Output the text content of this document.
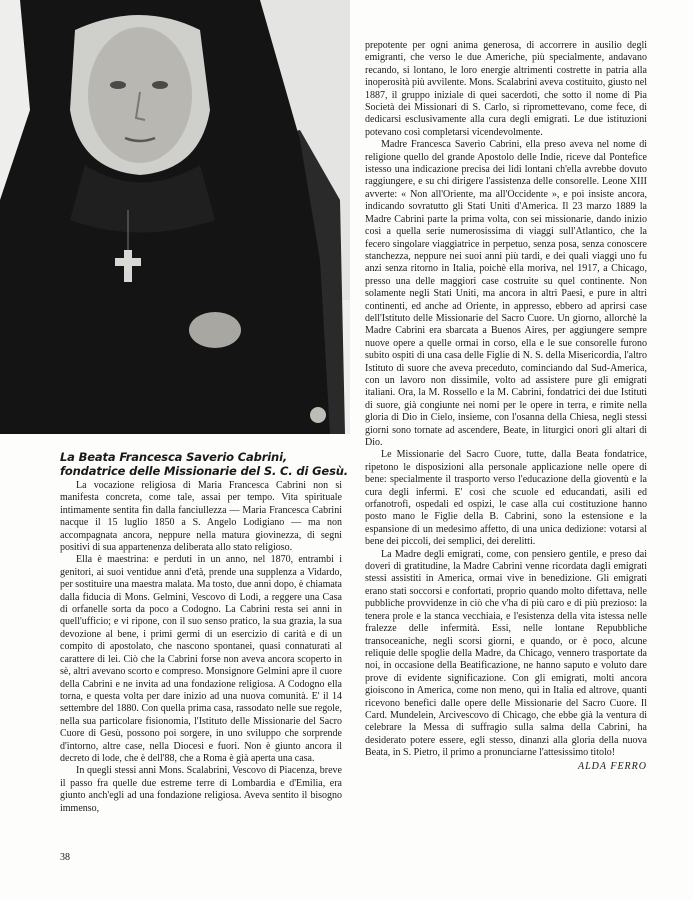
La Beata Francesca Saverio Cabrini, fondatrice delle Missionarie del S. C. di Gesù.

La vocazione religiosa di Maria Francesca Cabrini non si manifesta concreta, come tale, assai per tempo. Vita spirituale intimamente sentita fin dalla fanciullezza — Maria Francesca Cabrini nacque il 15 luglio 1850 a S. Angelo Lodigiano — ma non accompagnata ancora, neppure nella matura giovinezza, di segni positivi di sua appartenenza deliberata allo stato religioso.

Ella è maestrina: e perduti in un anno, nel 1870, entrambi i genitori, ai suoi ventidue anni d'età, prende una supplenza a Vidardo, per sostituire una maestra malata. Ma tosto, due anni dopo, è chiamata dalla fiducia di Mons. Gelmini, Vescovo di Lodi, a reggere una Casa di orfanelle sorta da poco a Codogno. La Cabrini resta sei anni in quell'ufficio; e vi ripone, con il suo senso pratico, la sua grazia, la sua devozione al bene, i primi germi di un esercizio di carità e di un compito di apostolato, che nascono spontanei, quasi connaturati al carattere di lei. Ciò che la Cabrini forse non aveva ancora scoperto in sè, altri avevano scorto e compreso. Monsignore Gelmini apre il cuore della Cabrini e ne invita ad una fondazione religiosa. A Codogno ella torna, e questa volta per dare inizio ad una nuova comunità. E' il 14 settembre del 1880. Con quella prima casa, rassodato nelle sue regole, nella sua particolare fisionomia, l'Istituto delle Missionarie del Sacro Cuore di Gesù, possono poi sorgere, in uno sviluppo che sorprende d'intorno, altre case, nella Diocesi e fuori. Non è giunto ancora il decreto di lode, che è dell'88, che a Roma è già aperta una casa.

In quegli stessi anni Mons. Scalabrini, Vescovo di Piacenza, breve il passo fra quelle due estreme terre di Lombardia e d'Emilia, era giunto anch'egli ad una fondazione religiosa. Aveva sentito il bisogno immenso,

prepotente per ogni anima generosa, di accorrere in ausilio degli emigranti, che verso le due Americhe, più specialmente, andavano recando, si lontano, le loro energie altrimenti costrette in patria alla inoperosità più avvilente. Mons. Scalabrini aveva costituito, giusto nel 1887, il gruppo iniziale di quei sacerdoti, che sotto il nome di Pia Società dei Missionari di S. Carlo, si ripromettevano, come fece, di dedicarsi esclusivamente alla cura degli emigrati. Le due istituzioni potevano così completarsi vicendevolmente.

Madre Francesca Saverio Cabrini, ella preso aveva nel nome di religione quello del grande Apostolo delle Indie, riceve dal Pontefice istesso una indicazione precisa dei lidi lontani ch'ella avrebbe dovuto raggiungere, e su chi dirigere l'assistenza delle consorelle. Leone XIII avverte: « Non all'Oriente, ma all'Occidente », e poi insiste ancora, indicando sovratutto gli Stati Uniti d'America. Il 23 marzo 1889 la Madre Cabrini parte la prima volta, con sei missionarie, dando inizio così a quella serie numerosissima di viaggi sull'Atlantico, che la fecero singolare viaggiatrice in perpetuo, senza posa, senza conoscere stanchezza, neppure nei suoi anni più tardi, e dei quali viaggi uno fu anzi senza ritorno in Italia, poichè ella moriva, nel 1917, a Chicago, presso una delle maggiori case costruite su quel continente. Non solamente negli Stati Uniti, ma ancora in altri Paesi, e pure in altri continenti, ed anche ad Oriente, in appresso, ebbero ad aprirsi case dell'Istituto delle Missionarie del Sacro Cuore. Un giorno, allorchè la Madre Cabrini era sbarcata a Buenos Aires, per aggiungere sempre nuove opere a quelle ormai in corso, ella e le sue consorelle furono subito ospiti di una casa delle Figlie di N. S. della Misericordia, l'altro Istituto di suore che aveva preceduto, cominciando dal Sud-America, con un lavoro non dissimile, volto ad assistere pure gli emigrati italiani. Ora, la M. Rossello e la M. Cabrini, fondatrici dei due Istituti di suore, già congiunte nei nomi per le opere in terra, e rimite nella gloria di Dio in Cielo, insieme, con l'osanna della Chiesa, negli stessi giorni sono tornate ad ascendere, Beate, in liturgici onori gli altari di Dio.

Le Missionarie del Sacro Cuore, tutte, dalla Beata fondatrice, ripetono le disposizioni alla personale applicazione nelle opere di bene: specialmente il trasporto verso l'educazione della gioventù e la cura degli infermi. E' così che scuole ed educandati, asili ed orfanotrofi, ospedali ed ospizi, le case alla cui costituzione hanno posto mano le Figlie della B. Cabrini, sono la estensione e la espansione di un medesimo affetto, di una unica dedizione: votarsi al bene dei piccoli, dei semplici, dei derelitti.

La Madre degli emigrati, come, con pensiero gentile, e preso dai doveri di gratitudine, la Madre Cabrini venne ricordata dagli emigrati stessi assistiti in America, ormai vive in benedizione. Gli emigrati erano stati soccorsi e confortati, proprio quando molto difettava, nelle pubbliche provvidenze in ciò che v'ha di più caro e di più prezioso: la tenera prole e la stanca vecchiaia, e l'esistenza della vita istessa nelle fralezze delle infermità. Essi, nelle lontane Repubbliche transoceaniche, negli scorsi giorni, e quando, or è poco, alcune reliquie delle spoglie della Madre, da Chicago, vennero trasportate da noi, in occasione della Beatificazione, ne hanno saputo e voluto dare prove di evidente significazione. Con gli emigrati, molti ancora gioiscono in America, come non meno, qui in Italia ed altrove, quanti ricevono benefici dalle opere delle Missionarie del Sacro Cuore. Il Card. Mundelein, Arcivescovo di Chicago, che ebbe già la ventura di celebrare la Messa di suffragio sulla salma della Cabrini, ha desiderato potere essere, egli stesso, dinanzi alla gloria della nuova Beata, in S. Pietro, il primo a pronunciarne l'attesissimo titolo!

ALDA FERRO
38
